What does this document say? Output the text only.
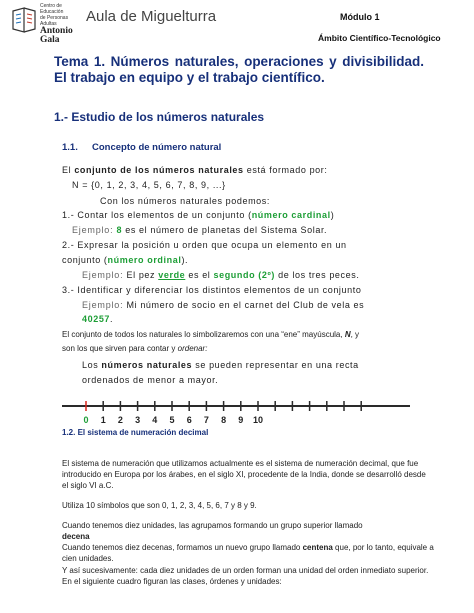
Centro de Educación
de Personas Adultas
Antonio
Gala
Aula de Miguelturra	Módulo 1
Ámbito Científico-Tecnológico
Tema 1. Números naturales, operaciones y divisibilidad. El trabajo en equipo y el trabajo científico.
1.- Estudio de los números naturales
1.1. Concepto de número natural
El conjunto de los números naturales está formado por:
N = {0, 1, 2, 3, 4, 5, 6, 7, 8, 9, ...}
Con los números naturales podemos:
1.- Contar los elementos de un conjunto (número cardinal)
Ejemplo: 8 es el número de planetas del Sistema Solar.
2.- Expresar la posición u orden que ocupa un elemento en un
conjunto (número ordinal).
Ejemplo: El pez verde es el segundo (2º) de los tres peces.
3.- Identificar y diferenciar los distintos elementos de un conjunto
Ejemplo: Mi número de socio en el carnet del Club de vela es
40257.
El conjunto de todos los naturales lo simbolizaremos con una “ene” mayúscula, N, y
son los que sirven para contar y ordenar:
Los números naturales se pueden representar en una recta
ordenados de menor a mayor.
0 1 2 3 4 5 6 7 8 9 10
1.2. El sistema de numeración decimal
El sistema de numeración que utilizamos actualmente es el sistema de numeración decimal, que fue introducido en Europa por los árabes, en el siglo XI, procedente de la India, donde se desarrolló desde el siglo VI a.C.
Utiliza 10 símbolos que son 0, 1, 2, 3, 4, 5, 6, 7 y 8 y 9.
Cuando tenemos diez unidades, las agrupamos formando un grupo superior llamado
decena
Cuando tenemos diez decenas, formamos un nuevo grupo llamado centena que, por lo tanto, equivale a cien unidades.
Y así sucesivamente: cada diez unidades de un orden forman una unidad del orden inmediato superior. En el siguiente cuadro figuran las clases, órdenes y unidades:
